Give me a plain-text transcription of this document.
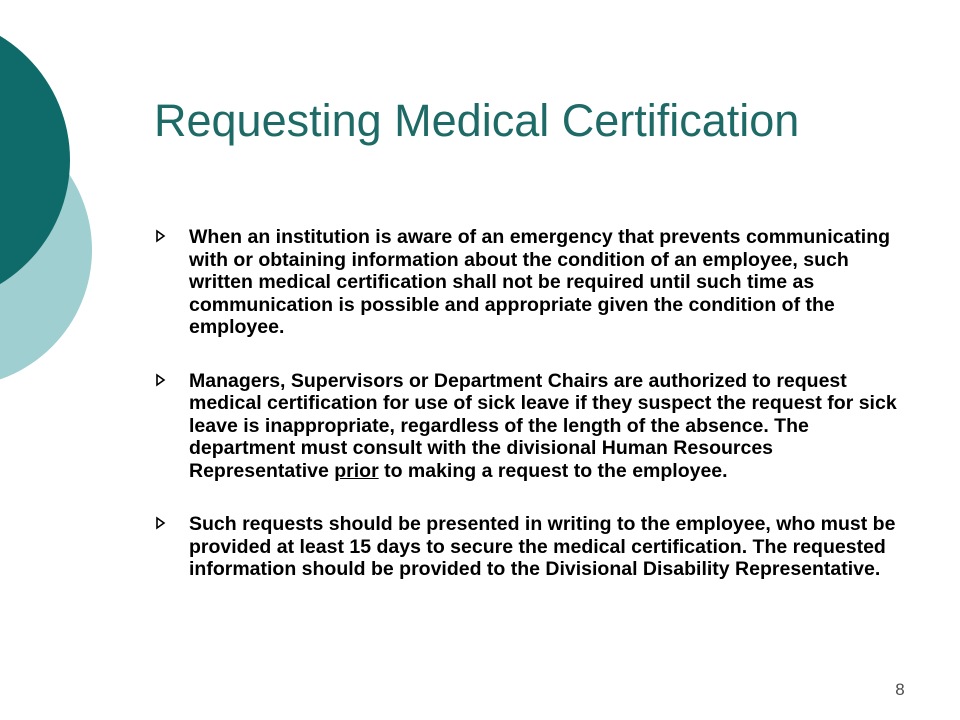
Requesting Medical Certification
When an institution is aware of an emergency that prevents communicating with or obtaining information about the condition of an employee, such written medical certification shall not be required until such time as communication is possible and appropriate given the condition of the employee.
Managers, Supervisors or Department Chairs are authorized to request medical certification for use of sick leave if they suspect the request for sick leave is inappropriate, regardless of the length of the absence. The department must consult with the divisional Human Resources Representative prior to making a request to the employee.
Such requests should be presented in writing to the employee, who must be provided at least 15 days to secure the medical certification. The requested information should be provided to the Divisional Disability Representative.
8
